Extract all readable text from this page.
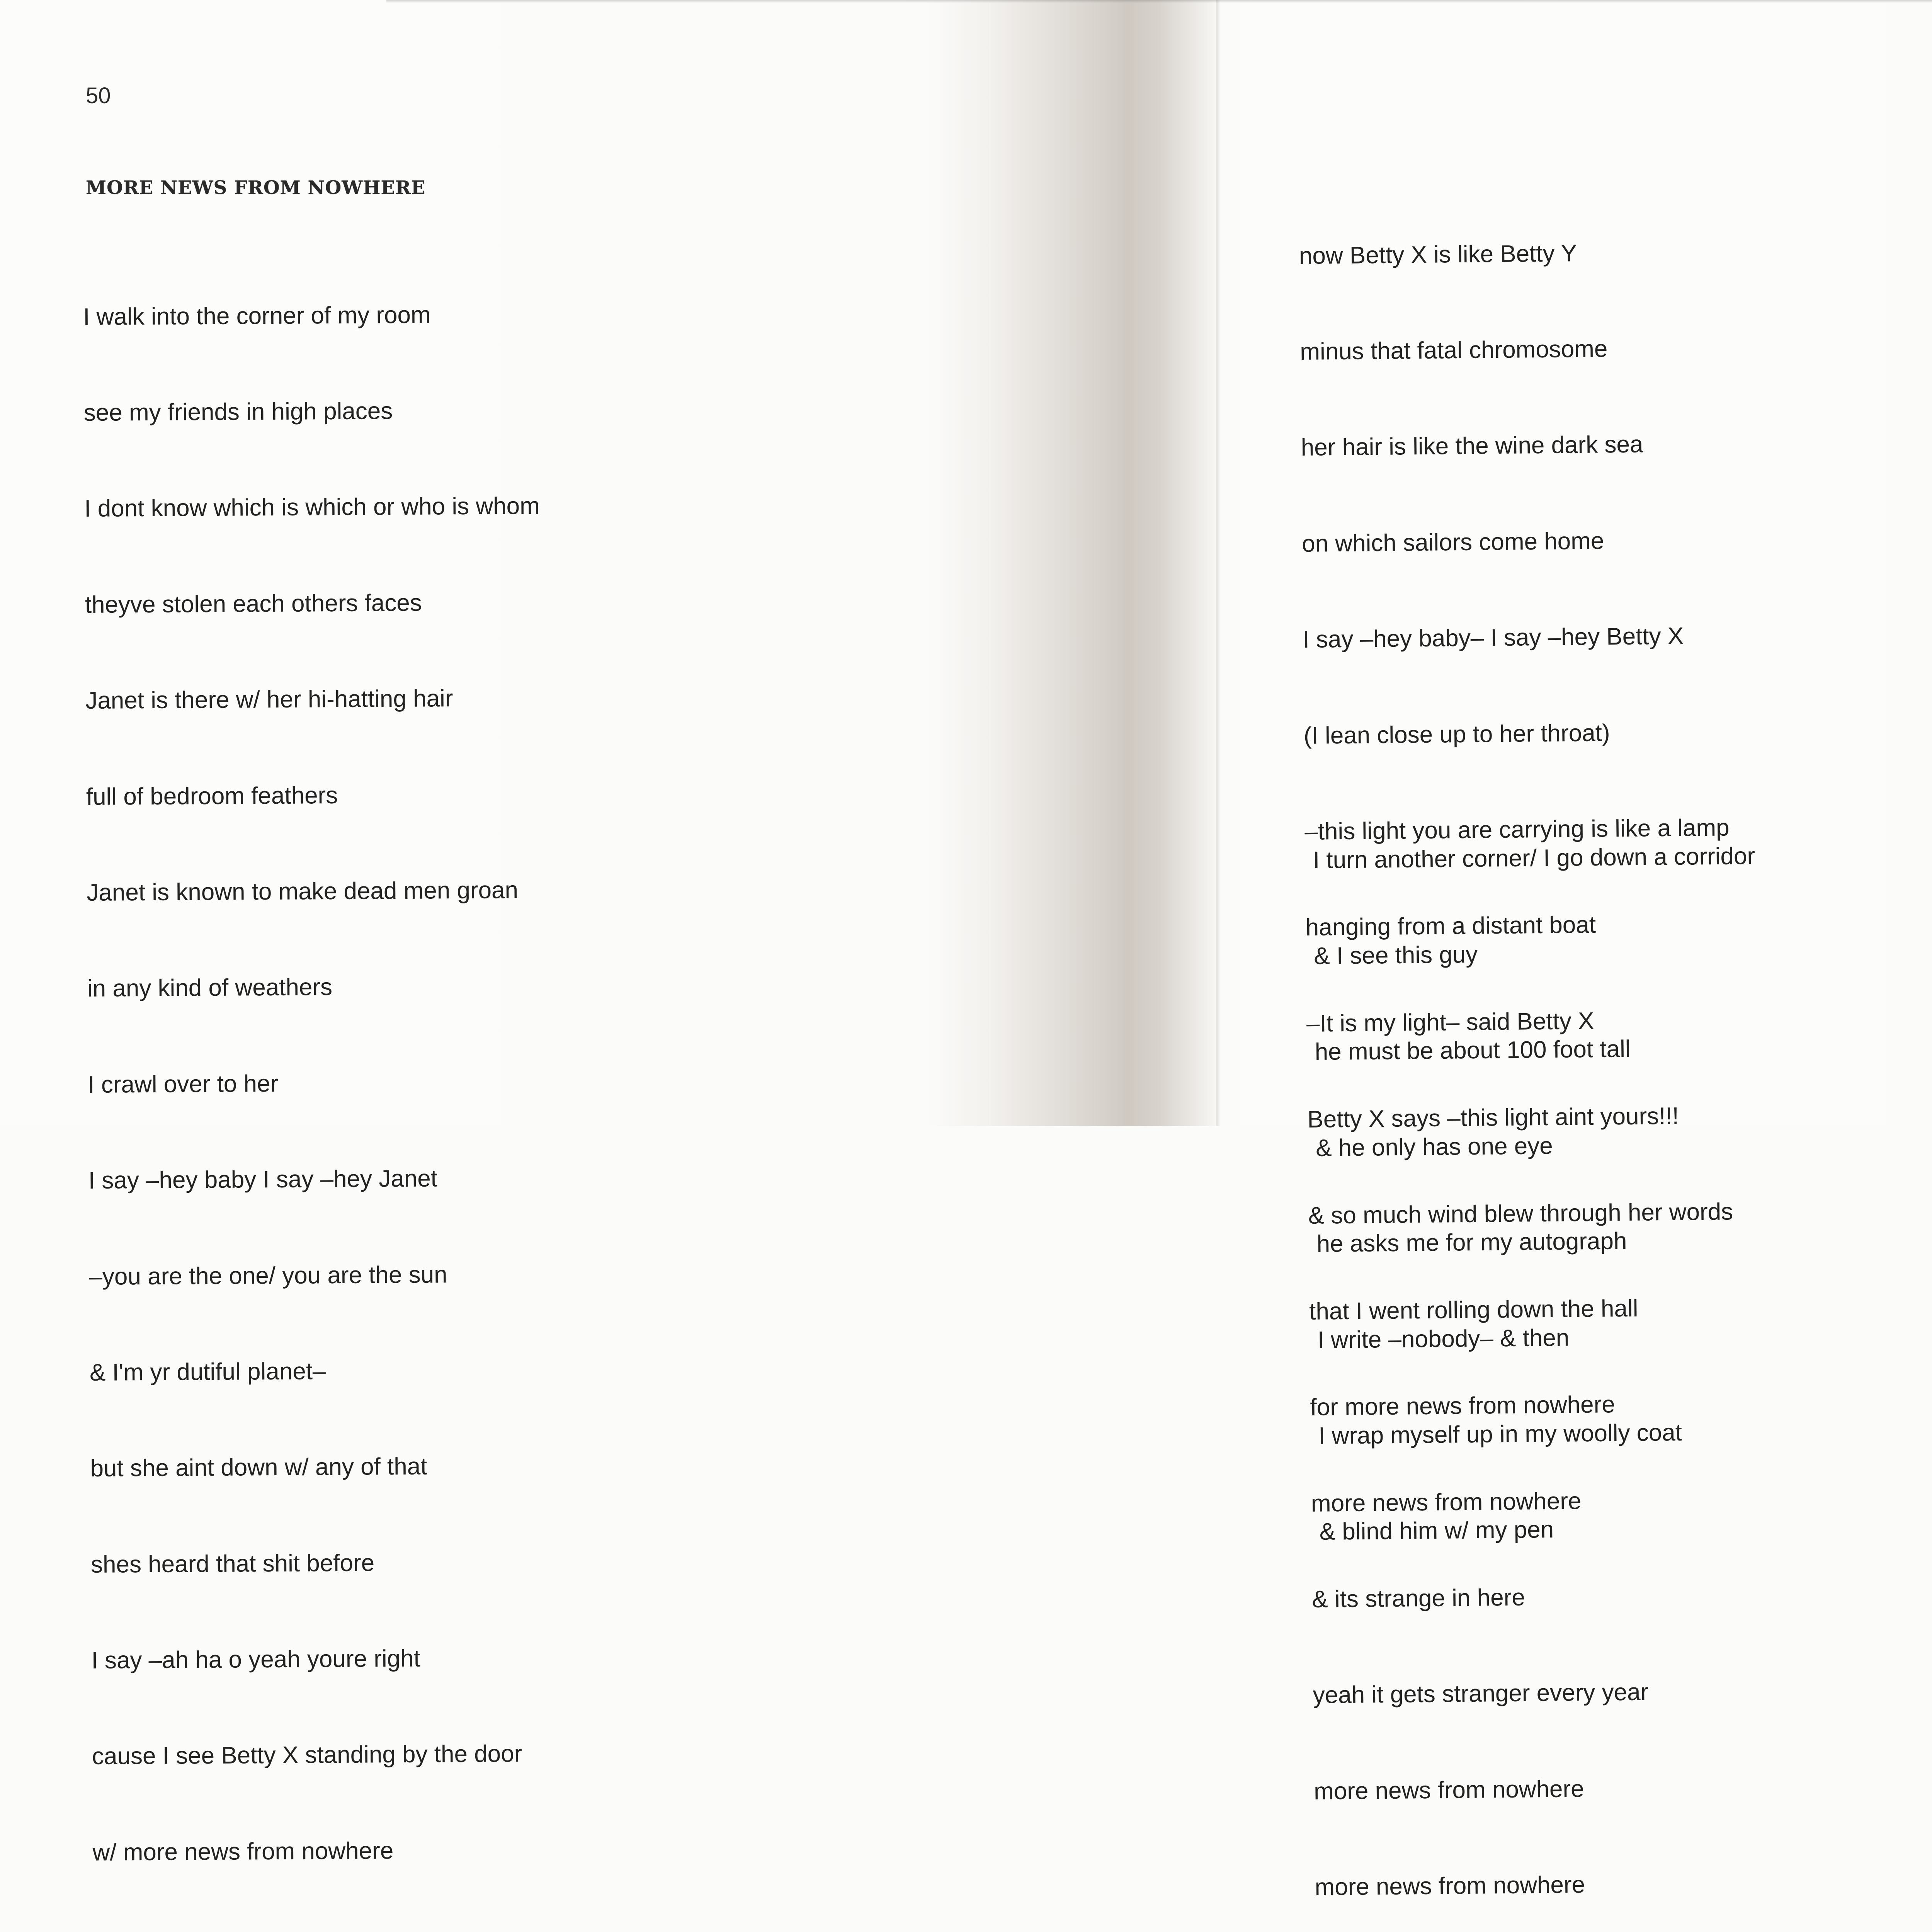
50
MORE NEWS FROM NOWHERE

I walk into the corner of my room

see my friends in high places

I dont know which is which or who is whom

theyve stolen each others faces

Janet is there w/ her hi-hatting hair

full of bedroom feathers

Janet is known to make dead men groan

in any kind of weathers

I crawl over to her

I say –hey baby I say –hey Janet

–you are the one/ you are the sun

& I'm yr dutiful planet–

but she aint down w/ any of that

shes heard that shit before

I say –ah ha o yeah youre right

cause I see Betty X standing by the door

w/ more news from nowhere

now Betty X is like Betty Y

minus that fatal chromosome

her hair is like the wine dark sea

on which sailors come home

I say –hey baby– I say –hey Betty X

(I lean close up to her throat)

–this light you are carrying is like a lamp

hanging from a distant boat

–It is my light– said Betty X

Betty X says –this light aint yours!!!

& so much wind blew through her words

that I went rolling down the hall

for more news from nowhere

more news from nowhere

& its strange in here

yeah it gets stranger every year

more news from nowhere

more news from nowhere

I turn another corner/ I go down a corridor

& I see this guy

he must be about 100 foot tall

& he only has one eye

he asks me for my autograph

I write –nobody– & then

I wrap myself up in my woolly coat

& blind him w/ my pen
